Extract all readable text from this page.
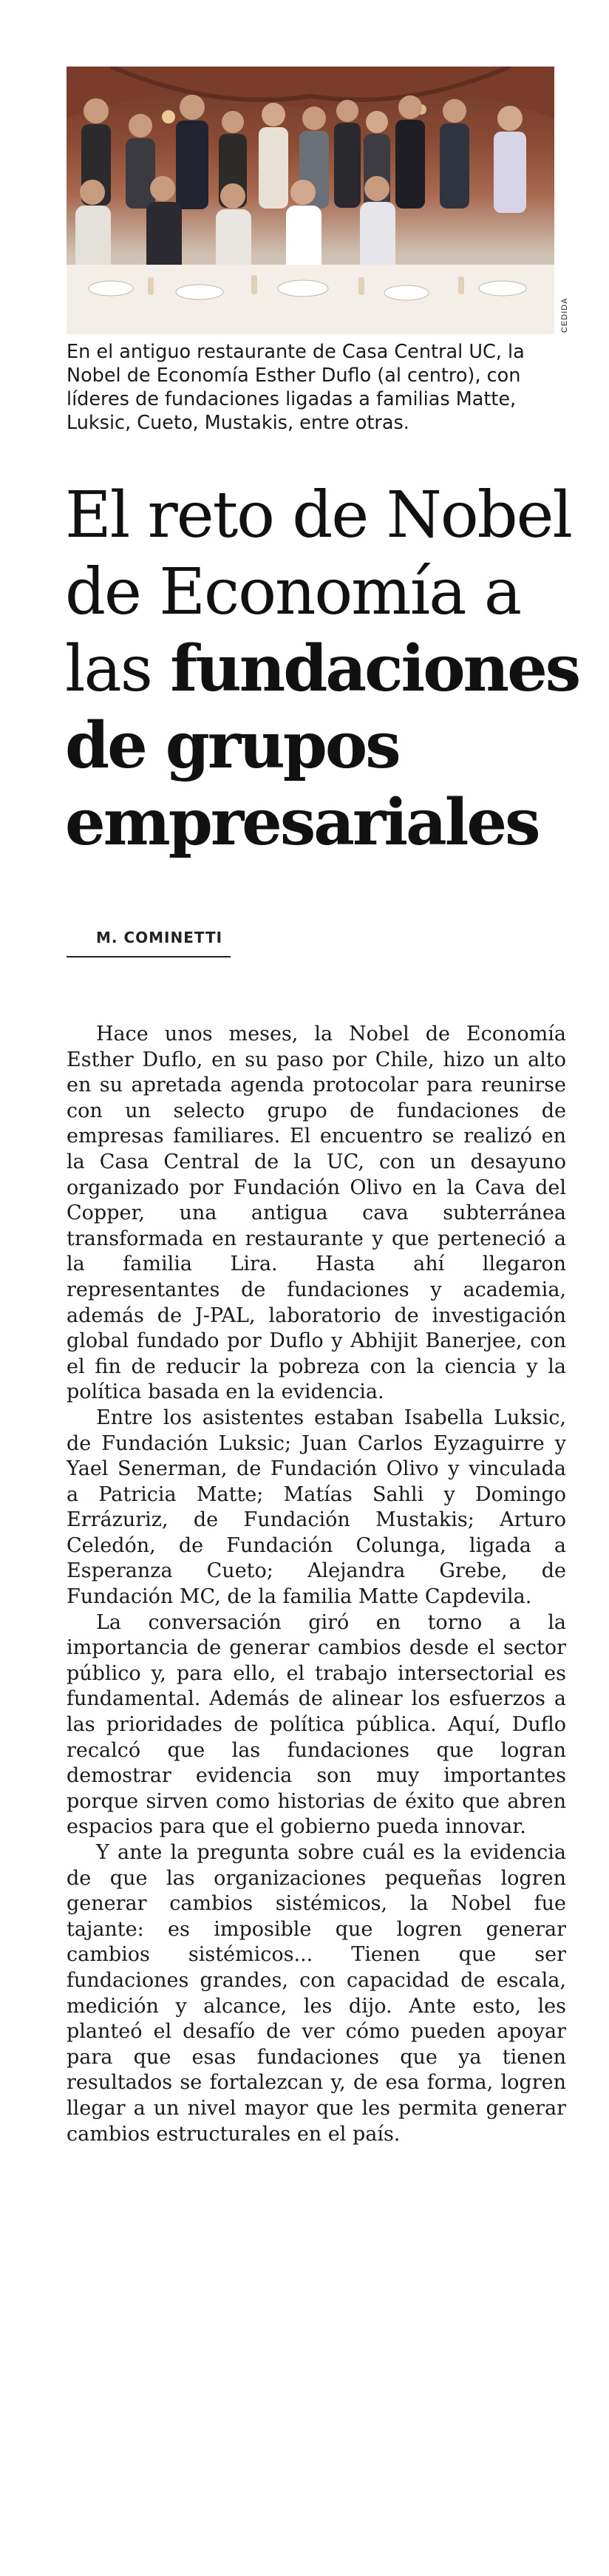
CEDIDA

En el antiguo restaurante de Casa Central UC, la Nobel de Economía Esther Duflo (al centro), con líderes de fundaciones ligadas a familias Matte, Luksic, Cueto, Mustakis, entre otras.

El reto de Nobel
de Economía a
las fundaciones
de grupos
empresariales

M. COMINETTI

Hace unos meses, la Nobel de Economía Esther Duflo, en su paso por Chile, hizo un alto en su apretada agenda protocolar para reunirse con un selecto grupo de fundaciones de empresas familiares. El encuentro se realizó en la Casa Central de la UC, con un desayuno organizado por Fundación Olivo en la Cava del Copper, una antigua cava subterránea transformada en restaurante y que perteneció a la familia Lira. Hasta ahí llegaron representantes de fundaciones y academia, además de J-PAL, laboratorio de investigación global fundado por Duflo y Abhijit Banerjee, con el fin de reducir la pobreza con la ciencia y la política basada en la evidencia.

Entre los asistentes estaban Isabella Luksic, de Fundación Luksic; Juan Carlos Eyzaguirre y Yael Senerman, de Fundación Olivo y vinculada a Patricia Matte; Matías Sahli y Domingo Errázuriz, de Fundación Mustakis; Arturo Celedón, de Fundación Colunga, ligada a Esperanza Cueto; Alejandra Grebe, de Fundación MC, de la familia Matte Capdevila.

La conversación giró en torno a la importancia de generar cambios desde el sector público y, para ello, el trabajo intersectorial es fundamental. Además de alinear los esfuerzos a las prioridades de política pública. Aquí, Duflo recalcó que las fundaciones que logran demostrar evidencia son muy importantes porque sirven como historias de éxito que abren espacios para que el gobierno pueda innovar.

Y ante la pregunta sobre cuál es la evidencia de que las organizaciones pequeñas logren generar cambios sistémicos, la Nobel fue tajante: es imposible que logren generar cambios sistémicos... Tienen que ser fundaciones grandes, con capacidad de escala, medición y alcance, les dijo. Ante esto, les planteó el desafío de ver cómo pueden apoyar para que esas fundaciones que ya tienen resultados se fortalezcan y, de esa forma, logren llegar a un nivel mayor que les permita generar cambios estructurales en el país.
